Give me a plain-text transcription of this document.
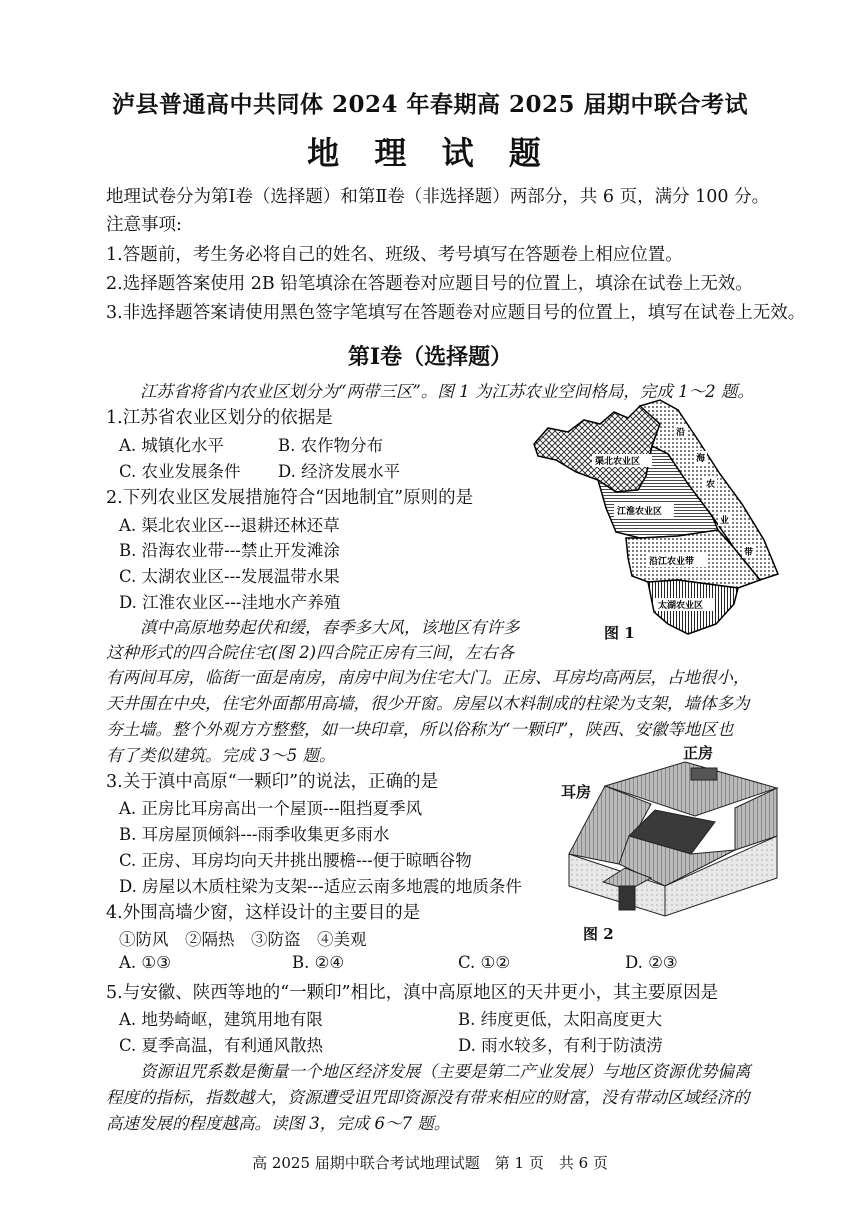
泸县普通高中共同体 2024 年春期高 2025 届期中联合考试
地 理 试 题
地理试卷分为第Ⅰ卷（选择题）和第Ⅱ卷（非选择题）两部分，共 6 页，满分 100 分。
注意事项:
1.答题前，考生务必将自己的姓名、班级、考号填写在答题卷上相应位置。
2.选择题答案使用 2B 铅笔填涂在答题卷对应题目号的位置上，填涂在试卷上无效。
3.非选择题答案请使用黑色签字笔填写在答题卷对应题目号的位置上，填写在试卷上无效。
第Ⅰ卷（选择题）
江苏省将省内农业区划分为“两带三区”。图 1 为江苏农业空间格局，完成 1～2 题。
1.江苏省农业区划分的依据是
A. 城镇化水平	B. 农作物分布
C. 农业发展条件 D. 经济发展水平
2.下列农业区发展措施符合“因地制宜”原则的是
A. 渠北农业区---退耕还林还草
B. 沿海农业带---禁止开发滩涂
C. 太湖农业区---发展温带水果
D. 江淮农业区---洼地水产养殖
渠北农业区
江淮农业区
沿江农业带
太湖农业区
沿
海
农
业
带
图 1
滇中高原地势起伏和缓，春季多大风，该地区有许多
这种形式的四合院住宅(图 2)四合院正房有三间，左右各
有两间耳房，临街一面是南房，南房中间为住宅大门。正房、耳房均高两层，占地很小，
天井围在中央，住宅外面都用高墙，很少开窗。房屋以木料制成的柱梁为支架，墙体多为
夯土墙。整个外观方方整整，如一块印章，所以俗称为“一颗印”，陕西、安徽等地区也
有了类似建筑。完成 3～5 题。
3.关于滇中高原“一颗印”的说法，正确的是
A. 正房比耳房高出一个屋顶---阻挡夏季风
B. 耳房屋顶倾斜---雨季收集更多雨水
C. 正房、耳房均向天井挑出腰檐---便于晾晒谷物
D. 房屋以木质柱梁为支架---适应云南多地震的地质条件
正房
耳房
图 2
4.外围高墙少窗，这样设计的主要目的是
①防风　②隔热　③防盗　④美观
A. ①③	B. ②④	C. ①②	D. ②③
5.与安徽、陕西等地的“一颗印”相比，滇中高原地区的天井更小，其主要原因是
A. 地势崎岖，建筑用地有限	B. 纬度更低，太阳高度更大
C. 夏季高温，有利通风散热	D. 雨水较多，有利于防渍涝
资源诅咒系数是衡量一个地区经济发展（主要是第二产业发展）与地区资源优势偏离
程度的指标，指数越大，资源遭受诅咒即资源没有带来相应的财富，没有带动区域经济的
高速发展的程度越高。读图 3，完成 6～7 题。
高 2025 届期中联合考试地理试题　第 1 页　共 6 页
